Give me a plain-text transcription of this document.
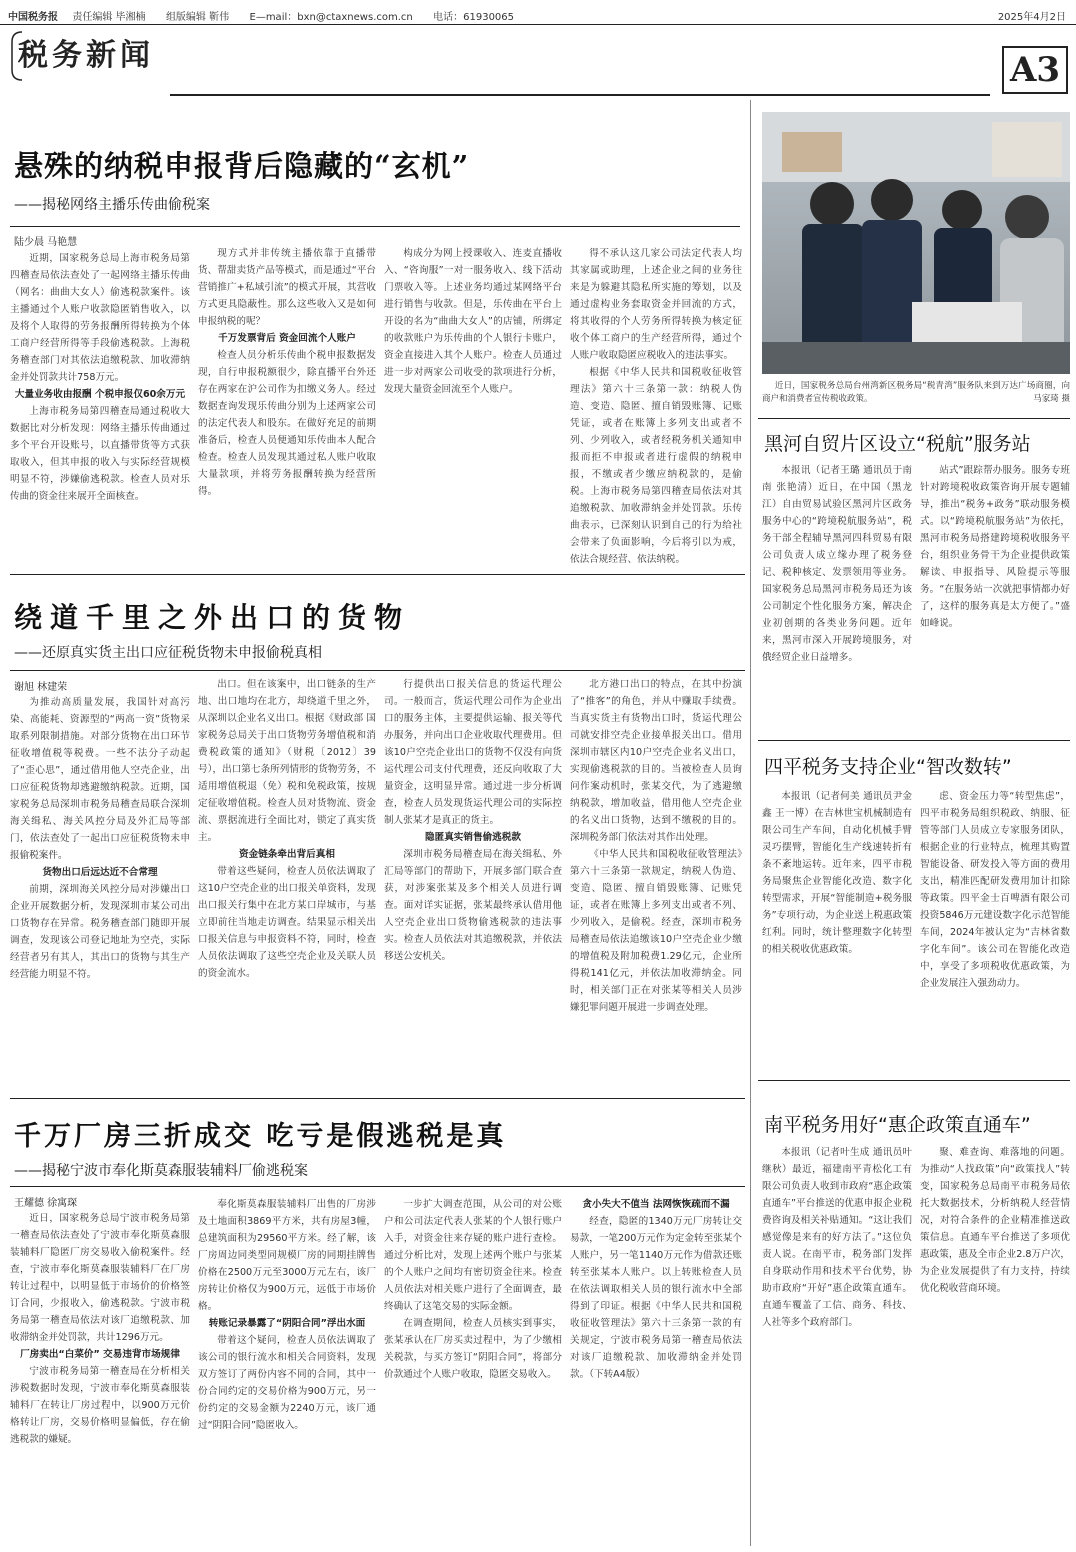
中国税务报 责任编辑 毕湘楠 组版编辑 靳伟 E—mail：bxn@ctaxnews.com.cn 电话：61930065	2025年4月2日
税务新闻	A3
悬殊的纳税申报背后隐藏的“玄机”
——揭秘网络主播乐传曲偷税案
陆少晨 马艳慧

近期，国家税务总局上海市税务局第四稽查局依法查处了一起网络主播乐传曲（网名：曲曲大女人）偷逃税款案件。该主播通过个人账户收款隐匿销售收入，以及将个人取得的劳务报酬所得转换为个体工商户经营所得等手段偷逃税款。上海税务稽查部门对其依法追缴税款、加收滞纳金并处罚款共计758万元。

大量业务收由报酬 个税申报仅60余万元

上海市税务局第四稽查局通过税收大数据比对分析发现：网络主播乐传曲通过多个平台开设账号，以直播带货等方式获取收入，但其申报的收入与实际经营规模明显不符，涉嫌偷逃税款。检查人员对乐传曲的资金往来展开全面核查。

现方式并非传统主播依靠于直播带货、帮甜卖货产品等模式，而是通过“平台营销推广+私域引流”的模式开展，其营收方式更具隐蔽性。那么这些收入又是如何申报纳税的呢？

千万发票背后 资金回流个人账户

检查人员分析乐传曲个税申报数据发现，自行申报税额很少，除直播平台外还存在两家在沪公司作为扣缴义务人。经过数据查询发现乐传曲分别为上述两家公司的法定代表人和股东。在做好充足的前期准备后，检查人员便通知乐传曲本人配合检查。检查人员发现其通过私人账户收取大量款项，并将劳务报酬转换为经营所得。

构成分为网上授课收入、连麦直播收入、“咨询服”一对一服务收入、线下活动门票收入等。上述业务均通过某网络平台进行销售与收款。但是，乐传曲在平台上开设的名为“曲曲大女人”的店铺，所绑定的收款账户为乐传曲的个人银行卡账户，资金直接进入其个人账户。检查人员通过进一步对两家公司收受的款项进行分析，发现大量资金回流至个人账户。

得不承认这几家公司法定代表人均其家属或助理，上述企业之间的业务往来是为躲避其隐私所实施的筹划，以及通过虚构业务套取资金并回流的方式，将其收得的个人劳务所得转换为核定征收个体工商户的生产经营所得，通过个人账户收取隐匿应税收入的违法事实。

根据《中华人民共和国税收征收管理法》第六十三条第一款：纳税人伪造、变造、隐匿、擅自销毁账簿、记账凭证，或者在账簿上多列支出或者不列、少列收入，或者经税务机关通知申报而拒不申报或者进行虚假的纳税申报，不缴或者少缴应纳税款的，是偷税。上海市税务局第四稽查局依法对其追缴税款、加收滞纳金并处罚款。乐传曲表示，已深刻认识到自己的行为给社会带来了负面影响，今后将引以为戒，依法合规经营、依法纳税。

近日，国家税务总局台州湾新区税务局“税青湾”服务队来到万达广场商圈，向商户和消费者宣传税收政策。	马家琦 摄
黑河自贸片区设立“税航”服务站

本报讯（记者王璐 通讯员于南南 张艳清）近日，在中国（黑龙江）自由贸易试验区黑河片区政务服务中心的“跨境税航服务站”，税务干部全程辅导黑河四科贸易有限公司负责人成立缘办理了税务登记、税种核定、发票领用等业务。国家税务总局黑河市税务局还为该公司制定个性化服务方案，解决企业初创期的各类业务问题。近年来，黑河市深入开展跨境服务，对俄经贸企业日益增多。

站式”跟踪帮办服务。服务专班针对跨境税收政策咨询开展专题辅导，推出“税务+政务”联动服务模式。以“跨境税航服务站”为依托，黑河市税务局搭建跨境税收服务平台，组织业务骨干为企业提供政策解读、申报指导、风险提示等服务。“在服务站一次就把事情都办好了，这样的服务真是太方便了。”盛如峰说。

绕道千里之外出口的货物
——还原真实货主出口应征税货物未申报偷税真相
谢旭 林建荣

为推动高质量发展，我国针对高污染、高能耗、资源型的“两高一资”货物采取系列限制措施。对部分货物在出口环节征收增值税等税费。一些不法分子动起了“歪心思”，通过借用他人空壳企业，出口应征税货物却逃避缴纳税款。近期，国家税务总局深圳市税务局稽查局联合深圳海关缉私、海关风控分局及外汇局等部门，依法查处了一起出口应征税货物未申报偷税案件。

货物出口后远达近不合常理

前期，深圳海关风控分局对涉嫌出口企业开展数据分析，发现深圳市某公司出口货物存在异常。税务稽查部门随即开展调查，发现该公司登记地址为空壳，实际经营者另有其人，其出口的货物与其生产经营能力明显不符。

出口。但在该案中，出口链条的生产地、出口地均在北方，却绕道千里之外，从深圳以企业名义出口。根据《财政部 国家税务总局关于出口货物劳务增值税和消费税政策的通知》（财税〔2012〕39号），出口第七条所列情形的货物劳务，不适用增值税退（免）税和免税政策，按规定征收增值税。检查人员对货物流、资金流、票据流进行全面比对，锁定了真实货主。

资金链条牵出背后真相

带着这些疑问，检查人员依法调取了这10户空壳企业的出口报关单资料，发现出口报关行集中在北方某口岸城市，与基立即前往当地走访调查。结果显示相关出口报关信息与申报资料不符，同时，检查人员依法调取了这些空壳企业及关联人员的资金流水。

行提供出口报关信息的货运代理公司。一般而言，货运代理公司作为企业出口的服务主体，主要提供运输、报关等代办服务，并向出口企业收取代理费用。但该10户空壳企业出口的货物不仅没有向货运代理公司支付代理费，还反向收取了大量资金，这明显异常。通过进一步分析调查，检查人员发现货运代理公司的实际控制人张某才是真正的货主。

隐匿真实销售偷逃税款

深圳市税务局稽查局在海关缉私、外汇局等部门的帮助下，开展多部门联合查获，对涉案张某及多个相关人员进行调查。面对详实证据，张某最终承认借用他人空壳企业出口货物偷逃税款的违法事实。检查人员依法对其追缴税款，并依法移送公安机关。

北方港口出口的特点，在其中扮演了“推客”的角色，并从中赚取手续费。当真实货主有货物出口时，货运代理公司就安排空壳企业接单报关出口。借用深圳市辖区内10户空壳企业名义出口，实现偷逃税款的目的。当被检查人员询问作案动机时，张某交代，为了逃避缴纳税款，增加收益，借用他人空壳企业的名义出口货物，达到不缴税的目的。深圳税务部门依法对其作出处理。

《中华人民共和国税收征收管理法》第六十三条第一款规定，纳税人伪造、变造、隐匿、擅自销毁账簿、记账凭证，或者在账簿上多列支出或者不列、少列收入，是偷税。经查，深圳市税务局稽查局依法追缴该10户空壳企业少缴的增值税及附加税费1.29亿元，企业所得税141亿元，并依法加收滞纳金。同时，相关部门正在对张某等相关人员涉嫌犯罪问题开展进一步调查处理。

四平税务支持企业“智改数转”

本报讯（记者何美 通讯员尹金鑫 王一博）在吉林世宝机械制造有限公司生产车间，自动化机械手臂灵巧摆臂，智能化生产线速转折有条不紊地运转。近年来，四平市税务局聚焦企业智能化改造、数字化转型需求，开展“智能制造+税务服务”专项行动，为企业送上税惠政策红利。同时，统计整理数字化转型的相关税收优惠政策。

虑、资金压力等“转型焦虑”，四平市税务局组织税政、纳服、征管等部门人员成立专家服务团队，根据企业的行业特点，梳理其购置智能设备、研发投入等方面的费用支出，精准匹配研发费用加计扣除等政策。四平金士百啤酒有限公司投资5846万元建设数字化示范智能车间，2024年被认定为“吉林省数字化车间”。该公司在智能化改造中，享受了多项税收优惠政策，为企业发展注入强劲动力。

千万厂房三折成交 吃亏是假逃税是真
——揭秘宁波市奉化斯莫森服装辅料厂偷逃税案
王耀德 徐寓琛

近日，国家税务总局宁波市税务局第一稽查局依法查处了宁波市奉化斯莫森服装辅料厂隐匿厂房交易收入偷税案件。经查，宁波市奉化斯莫森服装辅料厂在厂房转让过程中，以明显低于市场价的价格签订合同，少报收入，偷逃税款。宁波市税务局第一稽查局依法对该厂追缴税款、加收滞纳金并处罚款，共计1296万元。

厂房卖出“白菜价” 交易违背市场规律

宁波市税务局第一稽查局在分析相关涉税数据时发现，宁波市奉化斯莫森服装辅料厂在转让厂房过程中，以900万元价格转让厂房，交易价格明显偏低，存在偷逃税款的嫌疑。

奉化斯莫森服装辅料厂出售的厂房涉及土地面积3869平方米，共有房屋3幢，总建筑面积为29560平方米。经了解，该厂房周边同类型同规模厂房的同期挂牌售价格在2500万元至3000万元左右，该厂房转让价格仅为900万元，远低于市场价格。

转账记录暴露了“阴阳合同”浮出水面

带着这个疑问，检查人员依法调取了该公司的银行流水和相关合同资料，发现双方签订了两份内容不同的合同，其中一份合同约定的交易价格为900万元，另一份约定的交易金额为2240万元，该厂通过“阴阳合同”隐匿收入。

一步扩大调查范围，从公司的对公账户和公司法定代表人张某的个人银行账户入手，对资金往来存疑的账户进行查检。通过分析比对，发现上述两个账户与张某的个人账户之间均有密切资金往来。检查人员依法对相关账户进行了全面调查，最终确认了这笔交易的实际金额。

在调查期间，检查人员核实到事实，张某承认在厂房买卖过程中，为了少缴相关税款，与买方签订“阴阳合同”，将部分价款通过个人账户收取，隐匿交易收入。

贪小失大不值当 法网恢恢疏而不漏

经查，隐匿的1340万元厂房转让交易款，一笔200万元作为定金转至张某个人账户，另一笔1140万元作为借款还账转至张某本人账户。以上转账检查人员在依法调取相关人员的银行流水中全部得到了印证。根据《中华人民共和国税收征收管理法》第六十三条第一款的有关规定，宁波市税务局第一稽查局依法对该厂追缴税款、加收滞纳金并处罚款。（下转A4版）

南平税务用好“惠企政策直通车”

本报讯（记者叶生成 通讯员叶继秋）最近，福建南平青松化工有限公司负责人收到市政府“惠企政策直通车”平台推送的优惠申报企业税费咨询及相关补贴通知。“这让我们感觉像是来有的好方法了。”这位负责人说。在南平市，税务部门发挥自身联动作用和技术平台优势，协助市政府“开好”惠企政策直通车。直通车覆盖了工信、商务、科技、人社等多个政府部门。

聚、难查询、难落地的问题。为推动“人找政策”向“政策找人”转变，国家税务总局南平市税务局依托大数据技术，分析纳税人经营情况，对符合条件的企业精准推送政策信息。直通车平台推送了多项优惠政策，惠及全市企业2.8万户次，为企业发展提供了有力支持，持续优化税收营商环境。
